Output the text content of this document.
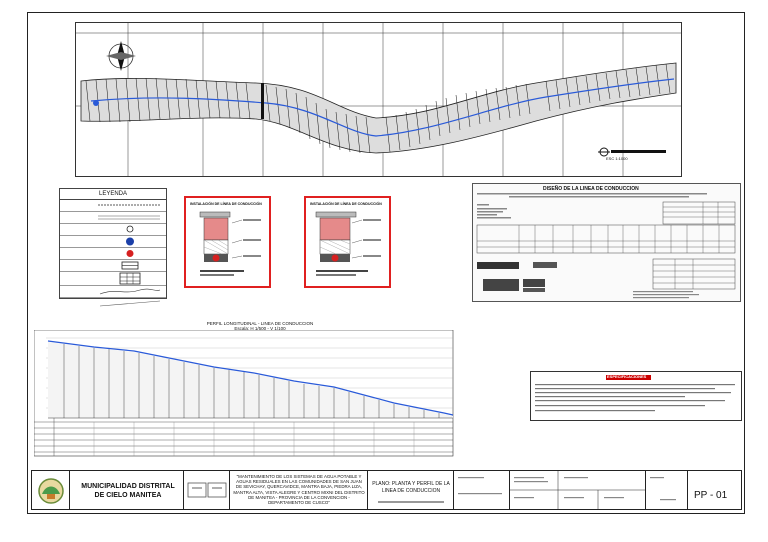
ESC 1:1000
LEYENDA
INSTALACIÓN DE LÍNEA DE CONDUCCIÓN	INSTALACIÓN DE LÍNEA DE CONDUCCIÓN
DISEÑO DE LA LINEA DE CONDUCCION
PERFIL LONGITUDINAL - LINEA DE CONDUCCION
Escala: H 1/500 - V 1/100
ESPECIFICACIONES
MUNICIPALIDAD DISTRITAL
DE CIELO MANITEA
"MANTENIMIENTO DE LOS SISTEMAS DE AGUA POTABLE Y AGUAS RESIDUALES EN LAS COMUNIDADES DE SAN JUAN DE SEVICHAY, QUERCAVIDCE, MANTRA BAJA, PIEDRA LIZA, MANTRA ALTA, VISTA ALEGRE Y CENTRO MIXNI DEL DISTRITO DE MANITEA - PROVINCIA DE LA CONVENCION - DEPARTAMENTO DE CUSCO"
PLANO: PLANTA Y PERFIL DE LA
LINEA DE CONDUCCION	PP - 01
